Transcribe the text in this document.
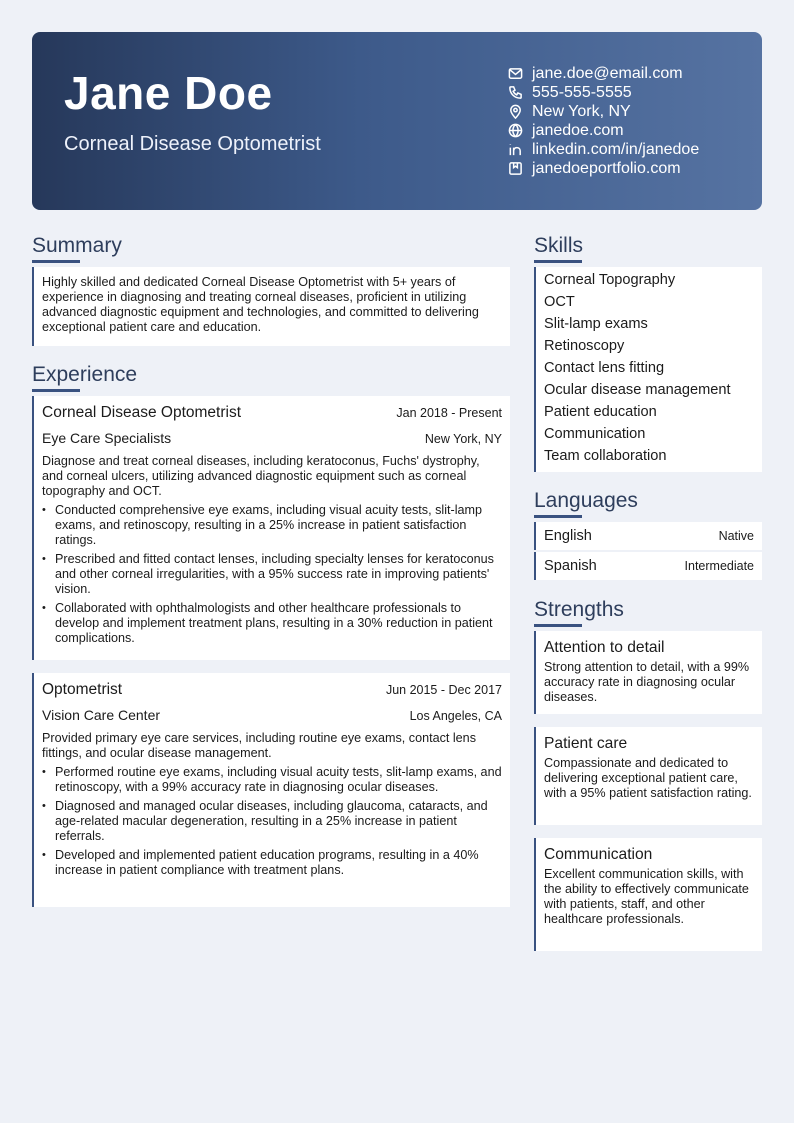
Jane Doe
Corneal Disease Optometrist
jane.doe@email.com
555-555-5555
New York, NY
janedoe.com
linkedin.com/in/janedoe
janedoeportfolio.com
Summary
Highly skilled and dedicated Corneal Disease Optometrist with 5+ years of experience in diagnosing and treating corneal diseases, proficient in utilizing advanced diagnostic equipment and technologies, and committed to delivering exceptional patient care and education.
Experience
Corneal Disease Optometrist	Jan 2018 - Present
Eye Care Specialists	New York, NY
Diagnose and treat corneal diseases, including keratoconus, Fuchs' dystrophy, and corneal ulcers, utilizing advanced diagnostic equipment such as corneal topography and OCT.
• Conducted comprehensive eye exams, including visual acuity tests, slit-lamp exams, and retinoscopy, resulting in a 25% increase in patient satisfaction ratings.
• Prescribed and fitted contact lenses, including specialty lenses for keratoconus and other corneal irregularities, with a 95% success rate in improving patients' vision.
• Collaborated with ophthalmologists and other healthcare professionals to develop and implement treatment plans, resulting in a 30% reduction in patient complications.
Optometrist	Jun 2015 - Dec 2017
Vision Care Center	Los Angeles, CA
Provided primary eye care services, including routine eye exams, contact lens fittings, and ocular disease management.
• Performed routine eye exams, including visual acuity tests, slit-lamp exams, and retinoscopy, with a 99% accuracy rate in diagnosing ocular diseases.
• Diagnosed and managed ocular diseases, including glaucoma, cataracts, and age-related macular degeneration, resulting in a 25% increase in patient referrals.
• Developed and implemented patient education programs, resulting in a 40% increase in patient compliance with treatment plans.
Skills
Corneal Topography
OCT
Slit-lamp exams
Retinoscopy
Contact lens fitting
Ocular disease management
Patient education
Communication
Team collaboration
Languages
English	Native
Spanish	Intermediate
Strengths
Attention to detail
Strong attention to detail, with a 99% accuracy rate in diagnosing ocular diseases.
Patient care
Compassionate and dedicated to delivering exceptional patient care, with a 95% patient satisfaction rating.
Communication
Excellent communication skills, with the ability to effectively communicate with patients, staff, and other healthcare professionals.
